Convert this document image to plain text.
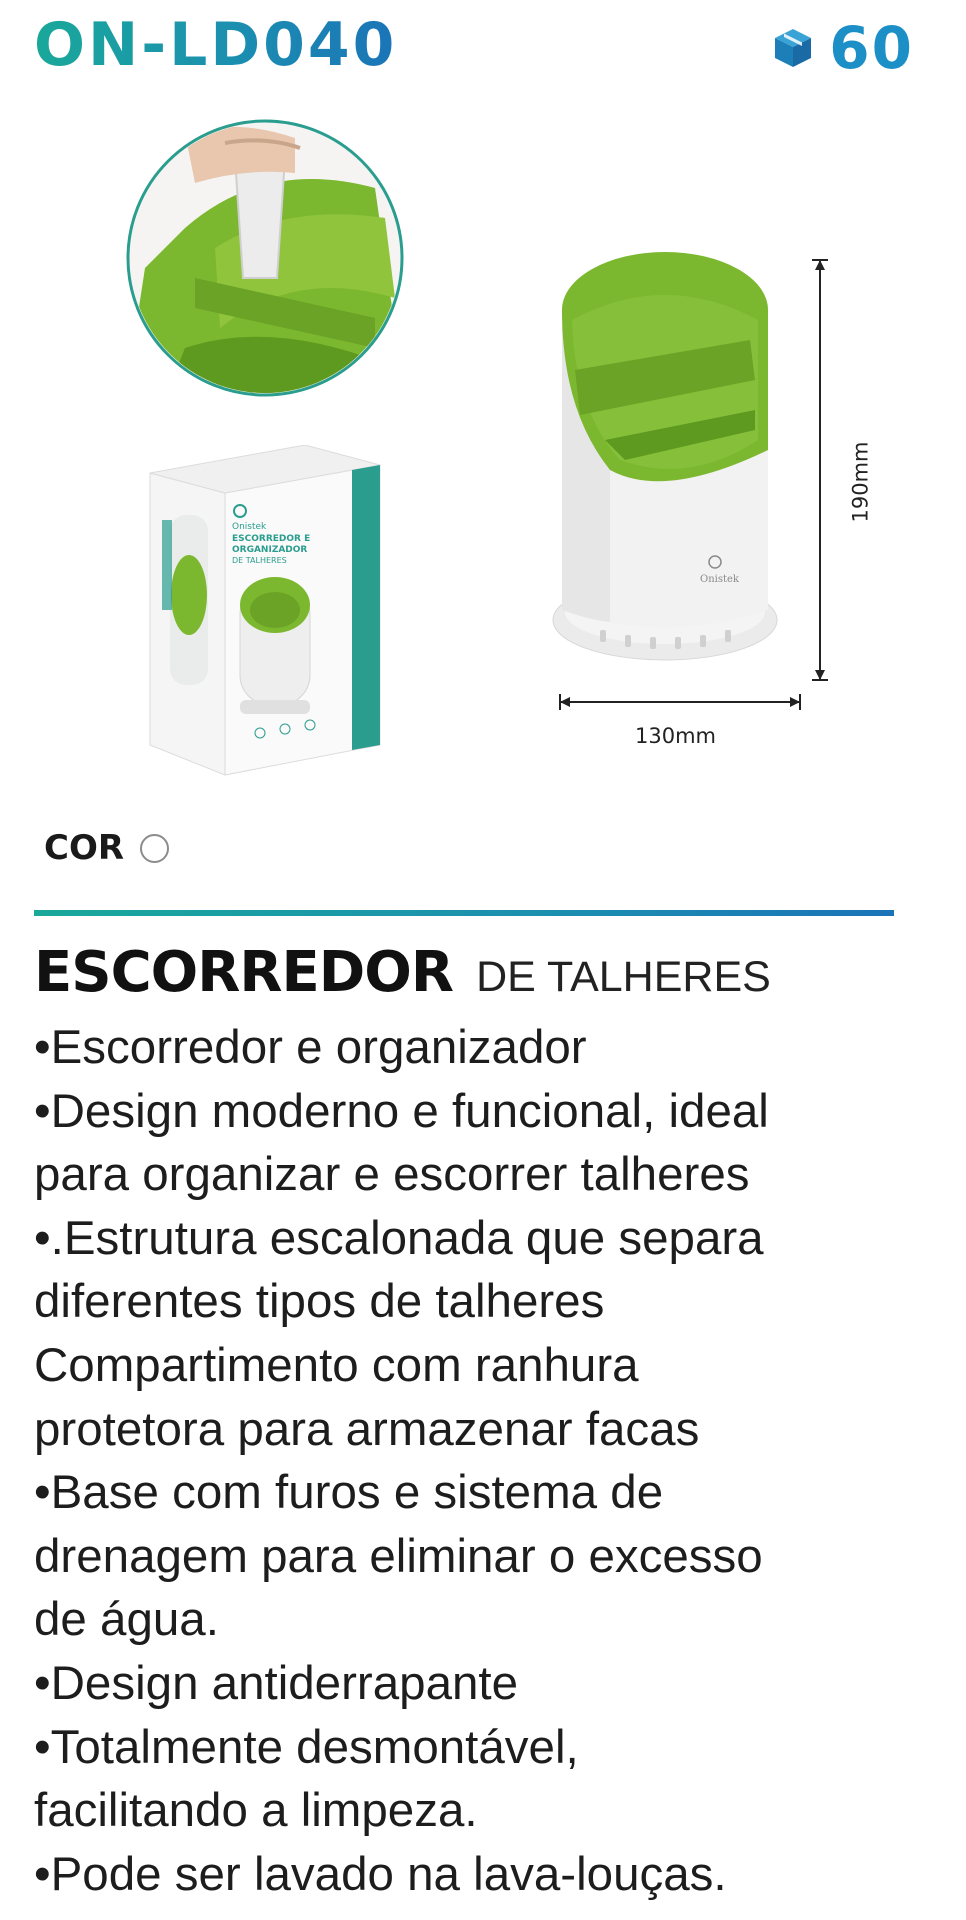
ON-LD040	60
Onistek
ESCORREDOR E
ORGANIZADOR
DE TALHERES
Onistek
190mm
130mm
COR
ESCORREDOR DE TALHERES
•Escorredor e organizador
•Design moderno e funcional, ideal
para organizar e escorrer talheres
•.Estrutura escalonada que separa
diferentes tipos de talheres
Compartimento com ranhura
protetora para armazenar facas
•Base com furos e sistema de
drenagem para eliminar o excesso
de água.
•Design antiderrapante
•Totalmente desmontável,
facilitando a limpeza.
•Pode ser lavado na lava-louças.
